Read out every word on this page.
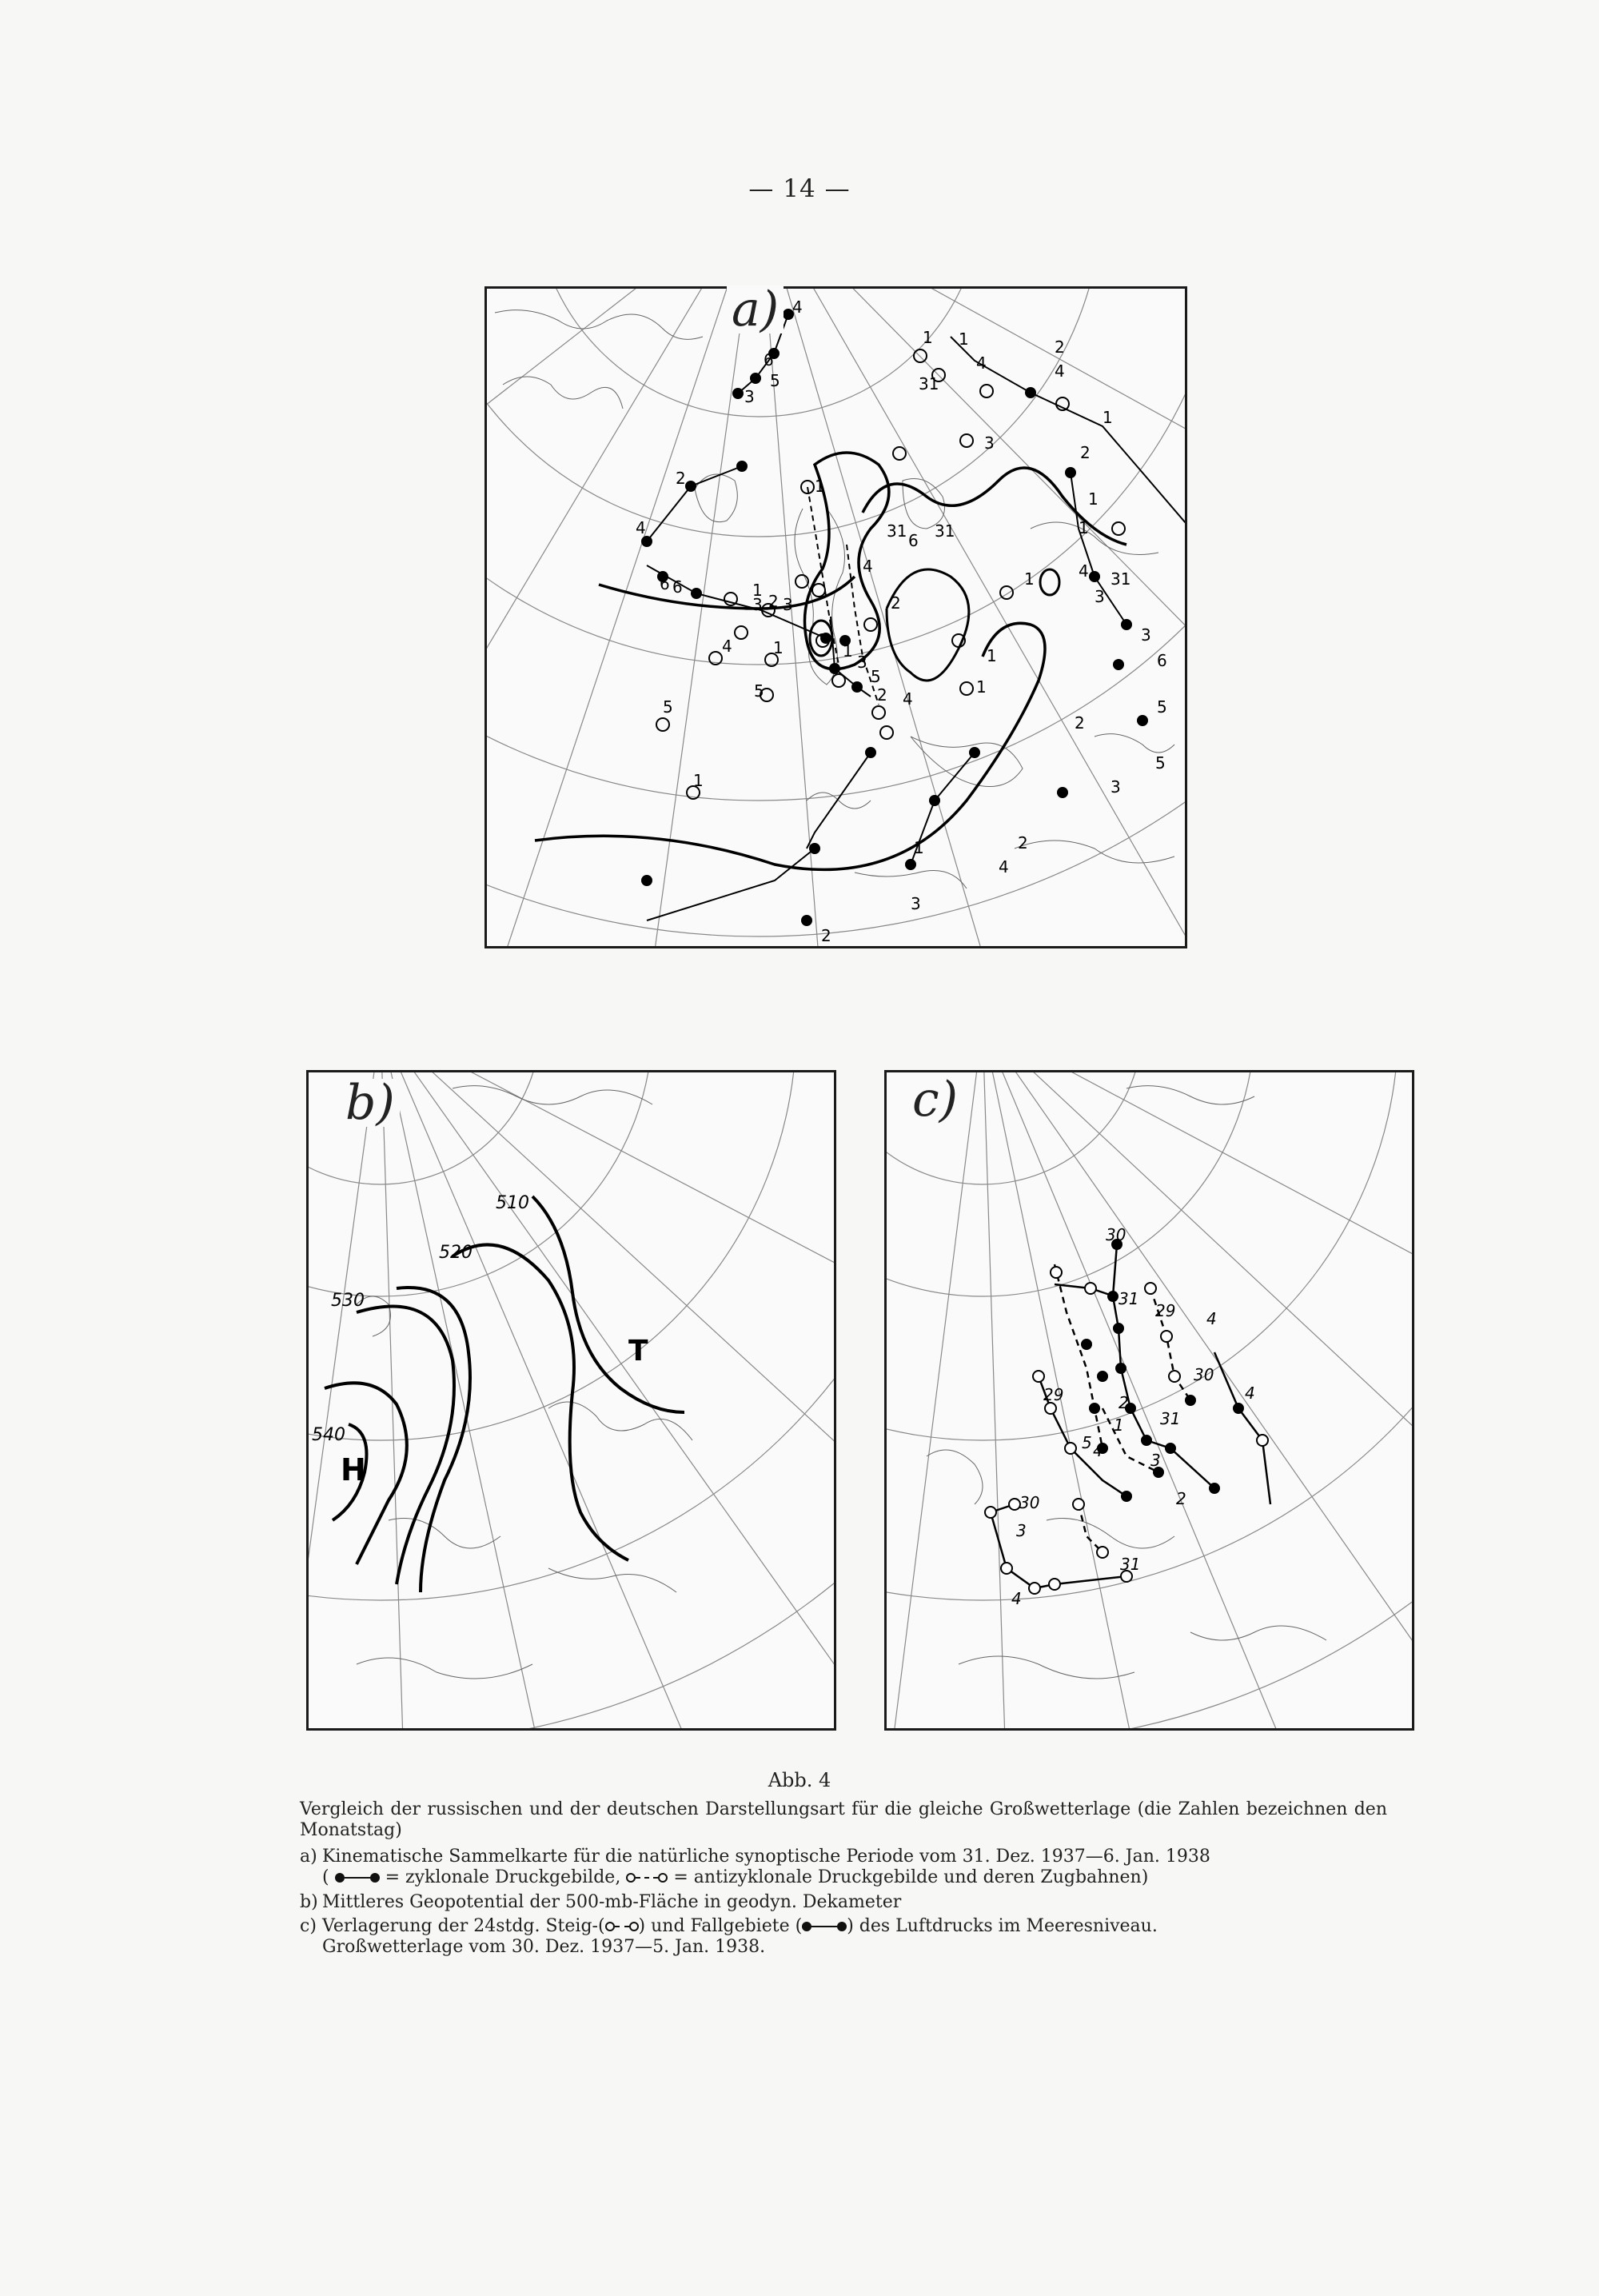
— 14 —
4
1
1
6
31
5
3
2	1
4
6
6
3
1
31 6
1
2 3	2
4
4
5
1
5	4
3
1	1
2
5
1
1	4 31
1
2
3
1
4
3
6
5
3
2
5
1	2
4
3
2
1
31
4
2
3
a)
510
520
530
540
H
T
b)
30
31
29 4
30
4
29	2
1 31
5 4	3
2
30
3
4
31
c)
Abb. 4

Vergleich der russischen und der deutschen Darstellungsart für die gleiche Großwetterlage (die Zahlen bezeichnen den Monatstag)

a) Kinematische Sammelkarte für die natürliche synoptische Periode vom 31. Dez. 1937—6. Jan. 1938
(	= zyklonale Druckgebilde,	= antizyklonale Druckgebilde und deren Zugbahnen)
b) Mittleres Geopotential der 500-mb-Fläche in geodyn. Dekameter
c) Verlagerung der 24stdg. Steig-( ) und Fallgebiete (	) des Luftdrucks im Meeresniveau.
Großwetterlage vom 30. Dez. 1937—5. Jan. 1938.
